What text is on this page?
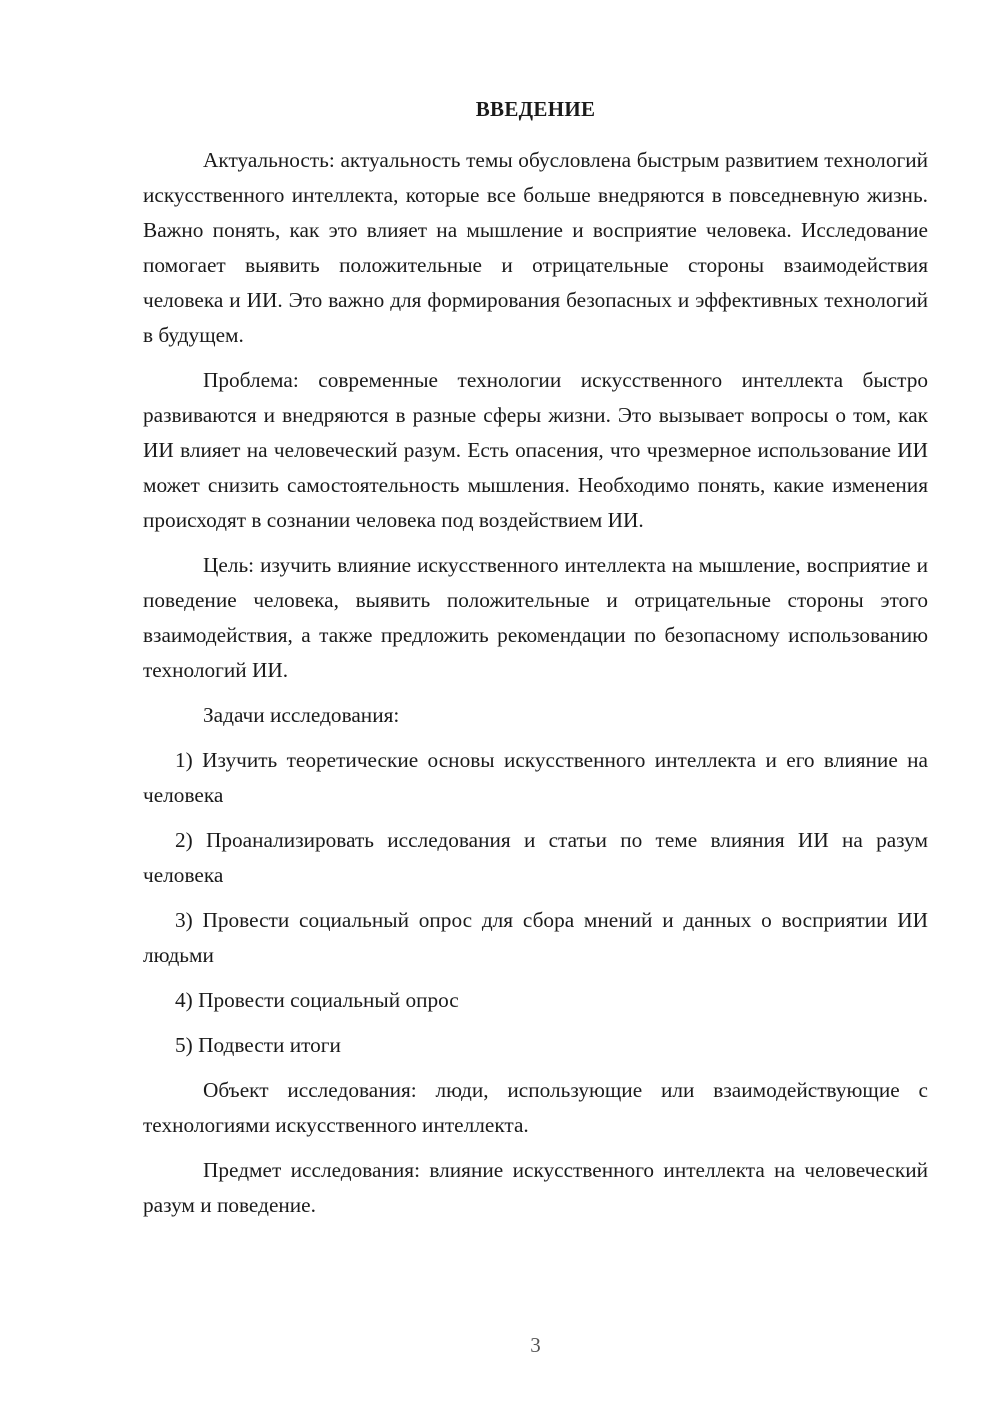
ВВЕДЕНИЕ

Актуальность: актуальность темы обусловлена быстрым развитием технологий искусственного интеллекта, которые все больше внедряются в повседневную жизнь. Важно понять, как это влияет на мышление и восприятие человека. Исследование помогает выявить положительные и отрицательные стороны взаимодействия человека и ИИ. Это важно для формирования безопасных и эффективных технологий в будущем.

Проблема: современные технологии искусственного интеллекта быстро развиваются и внедряются в разные сферы жизни. Это вызывает вопросы о том, как ИИ влияет на человеческий разум. Есть опасения, что чрезмерное использование ИИ может снизить самостоятельность мышления. Необходимо понять, какие изменения происходят в сознании человека под воздействием ИИ.

Цель: изучить влияние искусственного интеллекта на мышление, восприятие и поведение человека, выявить положительные и отрицательные стороны этого взаимодействия, а также предложить рекомендации по безопасному использованию технологий ИИ.

Задачи исследования:

1) Изучить теоретические основы искусственного интеллекта и его влияние на человека

2) Проанализировать исследования и статьи по теме влияния ИИ на разум человека

3) Провести социальный опрос для сбора мнений и данных о восприятии ИИ людьми

4) Провести социальный опрос

5) Подвести итоги

Объект исследования: люди, использующие или взаимодействующие с технологиями искусственного интеллекта.

Предмет исследования: влияние искусственного интеллекта на человеческий разум и поведение.

3
